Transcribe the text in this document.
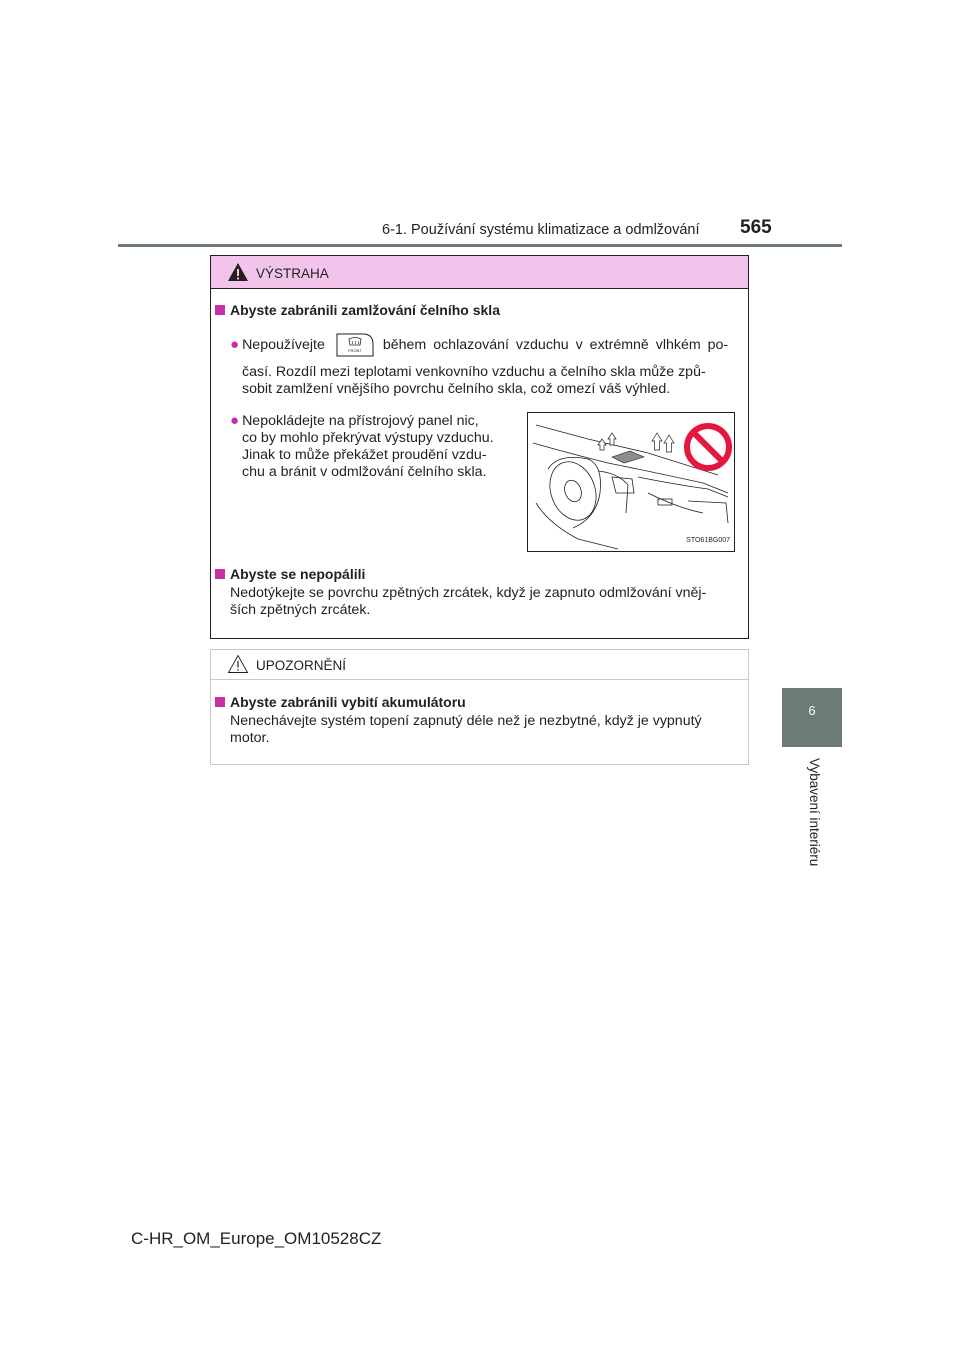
6-1. Používání systému klimatizace a odmlžování 565
6
Vybavení interiéru
VÝSTRAHA
Abyste zabránili zamlžování čelního skla
● Nepoužívejte	FRONT během ochlazování vzduchu v extrémně vlhkém po-
časí. Rozdíl mezi teplotami venkovního vzduchu a čelního skla může způ-
sobit zamlžení vnějšího povrchu čelního skla, což omezí váš výhled.
● Nepokládejte na přístrojový panel nic,
co by mohlo překrývat výstupy vzduchu.
Jinak to může překážet proudění vzdu-
chu a bránit v odmlžování čelního skla.
STO61BG007
Abyste se nepopálili
Nedotýkejte se povrchu zpětných zrcátek, když je zapnuto odmlžování vněj-
ších zpětných zrcátek.
UPOZORNĚNÍ
Abyste zabránili vybití akumulátoru
Nenechávejte systém topení zapnutý déle než je nezbytné, když je vypnutý
motor.
C-HR_OM_Europe_OM10528CZ
